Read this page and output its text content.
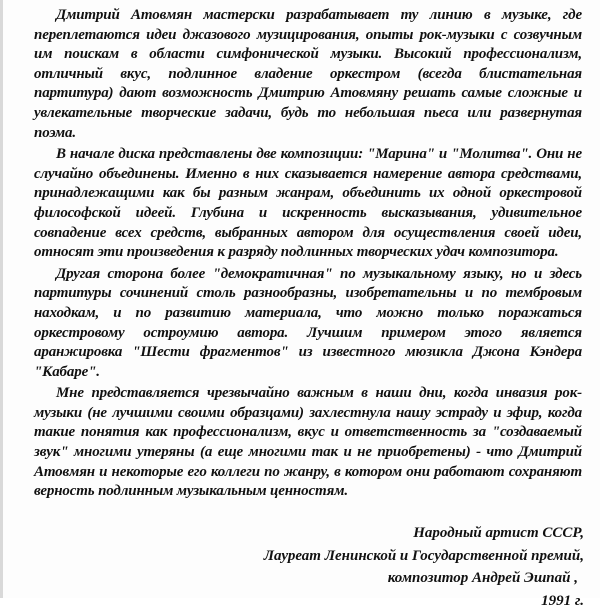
Дмитрий Атовмян мастерски разрабатывает ту линию в музыке, где переплетаются идеи джазового музицирования, опыты рок-музыки с созвучным им поискам в области симфонической музыки. Высокий профессионализм, отличный вкус, подлинное владение оркестром (всегда блистательная партитура) дают возможность Дмитрию Атовмяну решать самые сложные и увлекательные творческие задачи, будь то небольшая пьеса или развернутая поэма.

В начале диска представлены две композиции: "Марина" и "Молитва". Они не случайно объединены. Именно в них сказывается намерение автора средствами, принадлежащими как бы разным жанрам, объединить их одной оркестровой философской идеей. Глубина и искренность высказывания, удивительное совпадение всех средств, выбранных автором для осуществления своей идеи, относят эти произведения к разряду подлинных творческих удач композитора.

Другая сторона более "демократичная" по музыкальному языку, но и здесь партитуры сочинений столь разнообразны, изобретательны и по тембровым находкам, и по развитию материала, что можно только поражаться оркестровому остроумию автора. Лучшим примером этого является аранжировка "Шести фрагментов" из известного мюзикла Джона Кэндера "Кабаре".

Мне представляется чрезвычайно важным в наши дни, когда инвазия рок-музыки (не лучшими своими образцами) захлестнула нашу эстраду и эфир, когда такие понятия как профессионализм, вкус и ответственность за "создаваемый звук" многими утеряны (а еще многими так и не приобретены) - что Дмитрий Атовмян и некоторые его коллеги по жанру, в котором они работают сохраняют верность подлинным музыкальным ценностям.

Народный артист СССР,
Лауреат Ленинской и Государственной премий,
композитор Андрей Эшпай ,
1991 г.
